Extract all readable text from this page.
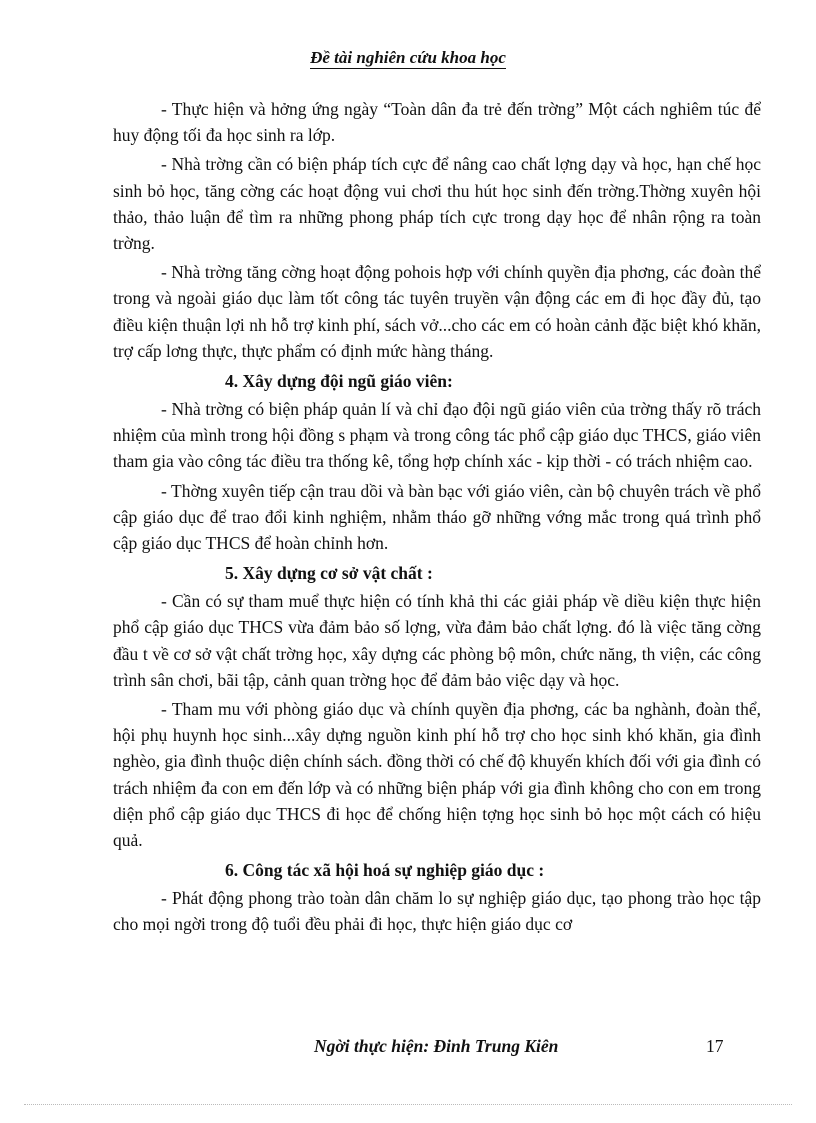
Đề tài nghiên cứu khoa học

- Thực hiện và hởng ứng ngày “Toàn dân đa trẻ đến trờng” Một cách nghiêm túc để huy động tối đa học sinh ra lớp.

- Nhà trờng cần có biện pháp tích cực để nâng cao chất lợng dạy và học, hạn chế học sinh bỏ học, tăng cờng các hoạt động vui chơi thu hút học sinh đến trờng.Thờng xuyên hội thảo, thảo luận để tìm ra những phong pháp tích cực trong dạy học để nhân rộng ra toàn trờng.

- Nhà trờng tăng cờng hoạt động pohois hợp với chính quyền địa phơng, các đoàn thể trong và ngoài giáo dục làm tốt công tác tuyên truyền vận động các em đi học đầy đủ, tạo điều kiện thuận lợi nh hỗ trợ kinh phí, sách vở...cho các em có hoàn cảnh đặc biệt khó khăn, trợ cấp lơng thực, thực phẩm có định mức hàng tháng.

4. Xây dựng đội ngũ giáo viên:

- Nhà trờng có biện pháp quản lí và chỉ đạo đội ngũ giáo viên của trờng thấy rõ trách nhiệm của mình trong hội đồng s phạm và trong công tác phổ cập giáo dục THCS, giáo viên tham gia vào công tác điều tra thống kê, tổng hợp chính xác - kịp thời - có trách nhiệm cao.

- Thờng xuyên tiếp cận trau dồi và bàn bạc với giáo viên, càn bộ chuyên trách về phổ cập giáo dục để trao đổi kinh nghiệm, nhằm tháo gỡ những vớng mắc trong quá trình phổ cập giáo dục THCS để hoàn chỉnh hơn.

5. Xây dựng cơ sở vật chất :

- Cần có sự tham muể thực hiện có tính khả thi các giải pháp về diều kiện thực hiện phổ cập giáo dục THCS vừa đảm bảo số lợng, vừa đảm bảo chất lợng. đó là việc tăng cờng đầu t về cơ sở vật chất trờng học, xây dựng các phòng bộ môn, chức năng, th viện, các công trình sân chơi, bãi tập, cảnh quan trờng học để đảm bảo việc dạy và học.

- Tham mu với phòng giáo dục và chính quyền địa phơng, các ba nghành, đoàn thể, hội phụ huynh học sinh...xây dựng nguồn kinh phí hỗ trợ cho học sinh khó khăn, gia đình nghèo, gia đình thuộc diện chính sách. đồng thời có chế độ khuyến khích đối với gia đình có trách nhiệm đa con em đến lớp và có những biện pháp với gia đình không cho con em trong diện phổ cập giáo dục THCS đi học để chống hiện tợng học sinh bỏ học một cách có hiệu quả.

6. Công tác xã hội hoá sự nghiệp giáo dục :

- Phát động phong trào toàn dân chăm lo sự nghiệp giáo dục, tạo phong trào học tập cho mọi ngời trong độ tuổi đều phải đi học, thực hiện giáo dục cơ

Ngời thực hiện: Đinh Trung Kiên	17
